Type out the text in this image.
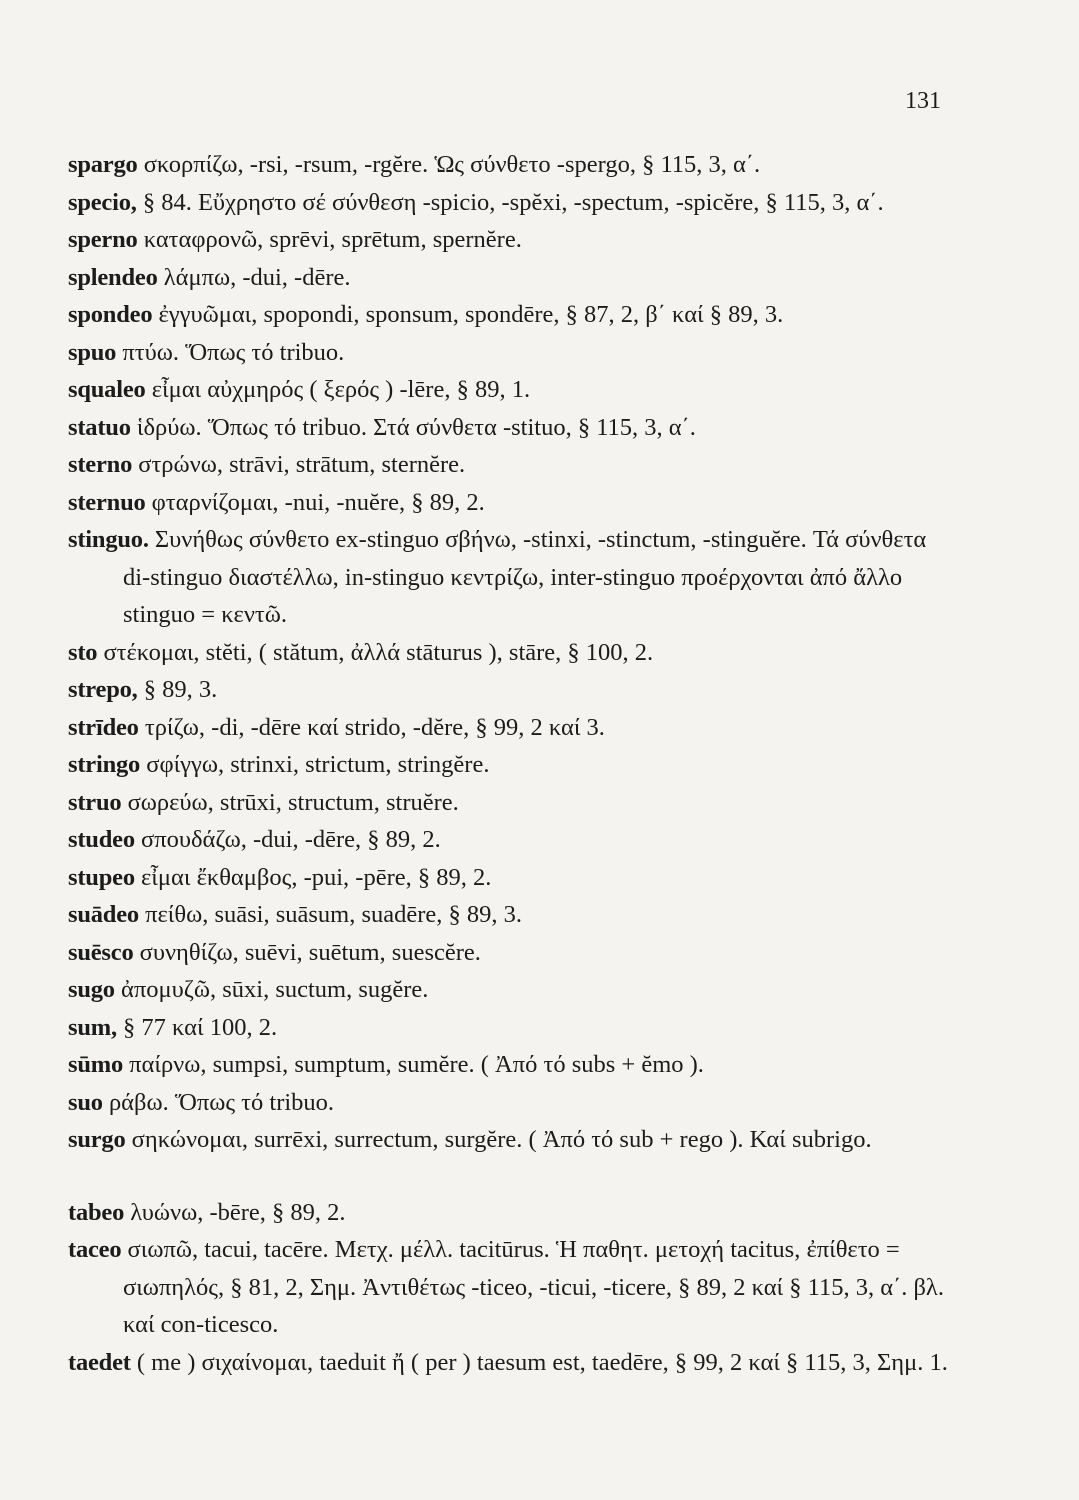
131
spargo σκορπίζω, -rsi, -rsum, -rgĕre. Ὡς σύνθετο -spergo, § 115, 3, α΄.
specio, § 84. Εὔχρηστο σέ σύνθεση -spicio, -spĕxi, -spectum, -spicĕre, § 115, 3, α΄.
sperno καταφρονῶ, sprēvi, sprētum, spernĕre.
splendeo λάμπω, -dui, -dēre.
spondeo ἐγγυῶμαι, spopondi, sponsum, spondēre, § 87, 2, β΄ καί § 89, 3.
spuo πτύω. Ὅπως τό tribuo.
squaleo εἶμαι αὐχμηρός ( ξερός ) -lēre, § 89, 1.
statuo ἱδρύω. Ὅπως τό tribuo. Στά σύνθετα -stituo, § 115, 3, α΄.
sterno στρώνω, strāvi, strātum, sternĕre.
sternuo φταρνίζομαι, -nui, -nuĕre, § 89, 2.
stinguo. Συνήθως σύνθετο ex-stinguo σβήνω, -stinxi, -stinctum, -stinguĕre. Τά σύνθετα di-stinguo διαστέλλω, in-stinguo κεντρίζω, inter-stinguo προέρχονται ἀπό ἄλλο stinguo = κεντῶ.
sto στέκομαι, stĕti, ( stătum, ἀλλά stāturus ), stāre, § 100, 2.
strepo, § 89, 3.
strīdeo τρίζω, -di, -dēre καί strido, -dĕre, § 99, 2 καί 3.
stringo σφίγγω, strinxi, strictum, stringĕre.
struo σωρεύω, strūxi, structum, struĕre.
studeo σπουδάζω, -dui, -dēre, § 89, 2.
stupeo εἶμαι ἔκθαμβος, -pui, -pēre, § 89, 2.
suādeo πείθω, suāsi, suāsum, suadēre, § 89, 3.
suēsco συνηθίζω, suēvi, suētum, suescĕre.
sugo ἀπομυζῶ, sūxi, suctum, sugĕre.
sum, § 77 καί 100, 2.
sūmo παίρνω, sumpsi, sumptum, sumĕre. ( Ἀπό τό subs + ĕmo ).
suo ράβω. Ὅπως τό tribuo.
surgo σηκώνομαι, surrēxi, surrectum, surgĕre. ( Ἀπό τό sub + rego ). Καί subrigo.
tabeo λυώνω, -bēre, § 89, 2.
taceo σιωπῶ, tacui, tacēre. Μετχ. μέλλ. tacitūrus. Ἡ παθητ. μετοχή tacitus, ἐπίθετο = σιωπηλός, § 81, 2, Σημ. Ἀντιθέτως -ticeo, -ticui, -ticere, § 89, 2 καί § 115, 3, α΄. βλ. καί con-ticesco.
taedet ( me ) σιχαίνομαι, taeduit ἤ ( per ) taesum est, taedēre, § 99, 2 καί § 115, 3, Σημ. 1.
